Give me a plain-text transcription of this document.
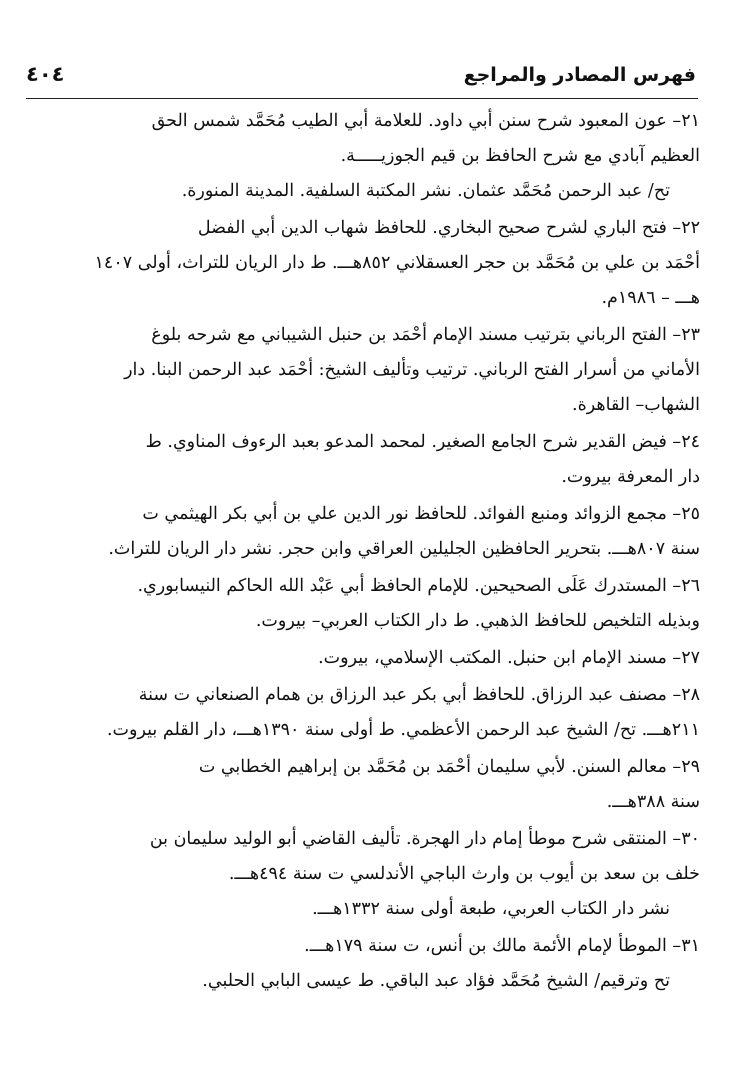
فهرس المصادر والمراجع
٤٠٤
٢١– عون المعبود شرح سنن أبي داود. للعلامة أبي الطيب مُحَمَّد شمس الحق
العظيم آبادي مع شرح الحافظ بن قيم الجوزيـــــة.
تح/ عبد الرحمن مُحَمَّد عثمان. نشر المكتبة السلفية. المدينة المنورة.
٢٢– فتح الباري لشرح صحيح البخاري. للحافظ شهاب الدين أبي الفضل
أحْمَد بن علي بن مُحَمَّد بن حجر العسقلاني ٨٥٢هـــ. ط دار الريان للتراث، أولى ١٤٠٧
هـــ – ١٩٨٦م.
٢٣– الفتح الرباني بترتيب مسند الإمام أحْمَد بن حنبل الشيباني مع شرحه بلوغ
الأماني من أسرار الفتح الرباني. ترتيب وتأليف الشيخ: أحْمَد عبد الرحمن البنا. دار
الشهاب– القاهرة.
٢٤– فيض القدير شرح الجامع الصغير. لمحمد المدعو بعبد الرءوف المناوي. ط
دار المعرفة بيروت.
٢٥– مجمع الزوائد ومنبع الفوائد. للحافظ نور الدين علي بن أبي بكر الهيثمي ت
سنة ٨٠٧هـــ. بتحرير الحافظين الجليلين العراقي وابن حجر. نشر دار الريان للتراث.
٢٦– المستدرك عَلَى الصحيحين. للإمام الحافظ أبي عَبْد الله الحاكم النيسابوري.
وبذيله التلخيص للحافظ الذهبي. ط دار الكتاب العربي– بيروت.
٢٧– مسند الإمام ابن حنبل. المكتب الإسلامي، بيروت.
٢٨– مصنف عبد الرزاق. للحافظ أبي بكر عبد الرزاق بن همام الصنعاني ت سنة
٢١١هـــ. تح/ الشيخ عبد الرحمن الأعظمي. ط أولى سنة ١٣٩٠هـــ، دار القلم بيروت.
٢٩– معالم السنن. لأبي سليمان أحْمَد بن مُحَمَّد بن إبراهيم الخطابي ت
سنة ٣٨٨هـــ.
٣٠– المنتقى شرح موطأ إمام دار الهجرة. تأليف القاضي أبو الوليد سليمان بن
خلف بن سعد بن أيوب بن وارث الباجي الأندلسي ت سنة ٤٩٤هـــ.
نشر دار الكتاب العربي، طبعة أولى سنة ١٣٣٢هـــ.
٣١– الموطأ لإمام الأئمة مالك بن أنس، ت سنة ١٧٩هـــ.
تح وترقيم/ الشيخ مُحَمَّد فؤاد عبد الباقي. ط عيسى البابي الحلبي.
